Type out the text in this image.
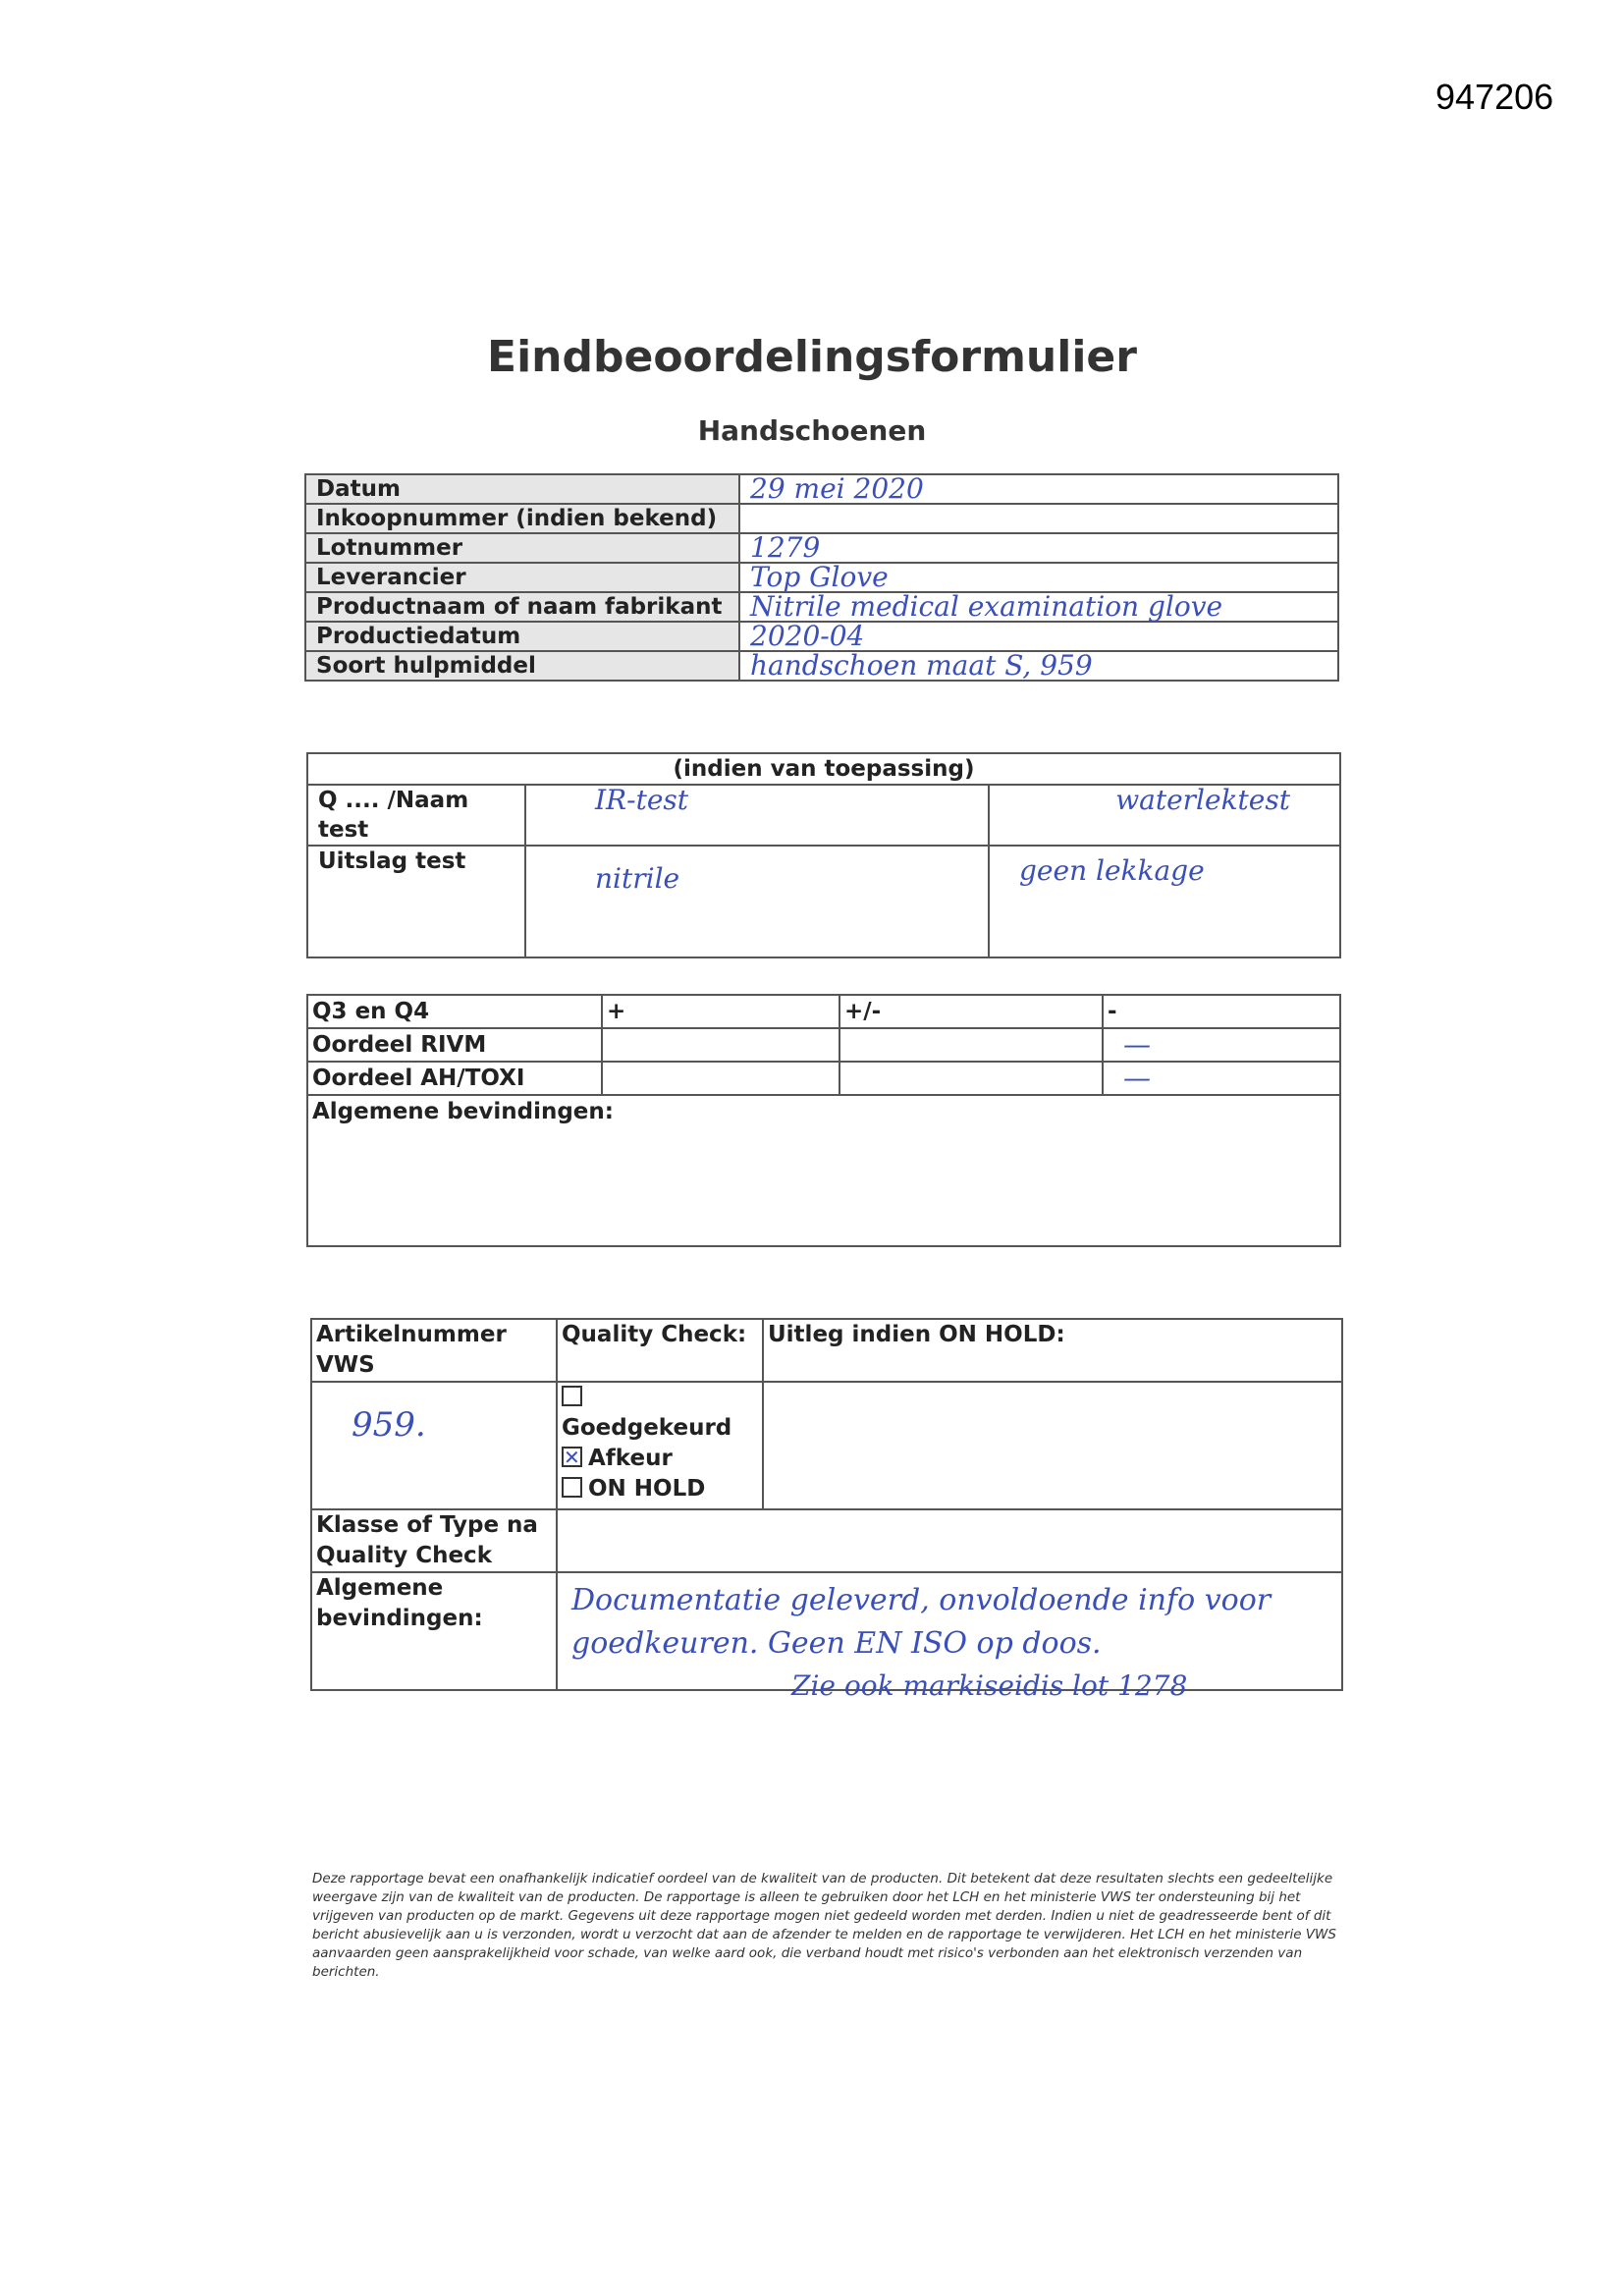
947206
Eindbeoordelingsformulier
Handschoenen
Datum	29 mei 2020
Inkoopnummer (indien bekend)	
Lotnummer	1279
Leverancier	Top Glove
Productnaam of naam fabrikant	Nitrile medical examination glove
Productiedatum	2020-04
Soort hulpmiddel	handschoen maat S, 959
(indien van toepassing)		
Q .... /Naam test	IR-test	waterlektest
Uitslag test	nitrile	geen lekkage
Q3 en Q4	+	+/-	-
Oordeel RIVM			—
Oordeel AH/TOXI			—
Algemene bevindingen:			
Artikelnummer VWS	Quality Check:	Uitleg indien ON HOLD:
959.	Goedgekeurd
✕Afkeur
ON HOLD

Klasse of Type na Quality Check		
Algemene bevindingen:	Documentatie geleverd, onvoldoende info voor
goedkeuren. Geen EN ISO op doos.	
Zie ook markiseidis lot 1278
Deze rapportage bevat een onafhankelijk indicatief oordeel van de kwaliteit van de producten. Dit betekent dat deze resultaten slechts een gedeeltelijke weergave zijn van de kwaliteit van de producten. De rapportage is alleen te gebruiken door het LCH en het ministerie VWS ter ondersteuning bij het vrijgeven van producten op de markt. Gegevens uit deze rapportage mogen niet gedeeld worden met derden. Indien u niet de geadresseerde bent of dit bericht abusievelijk aan u is verzonden, wordt u verzocht dat aan de afzender te melden en de rapportage te verwijderen. Het LCH en het ministerie VWS aanvaarden geen aansprakelijkheid voor schade, van welke aard ook, die verband houdt met risico's verbonden aan het elektronisch verzenden van berichten.
